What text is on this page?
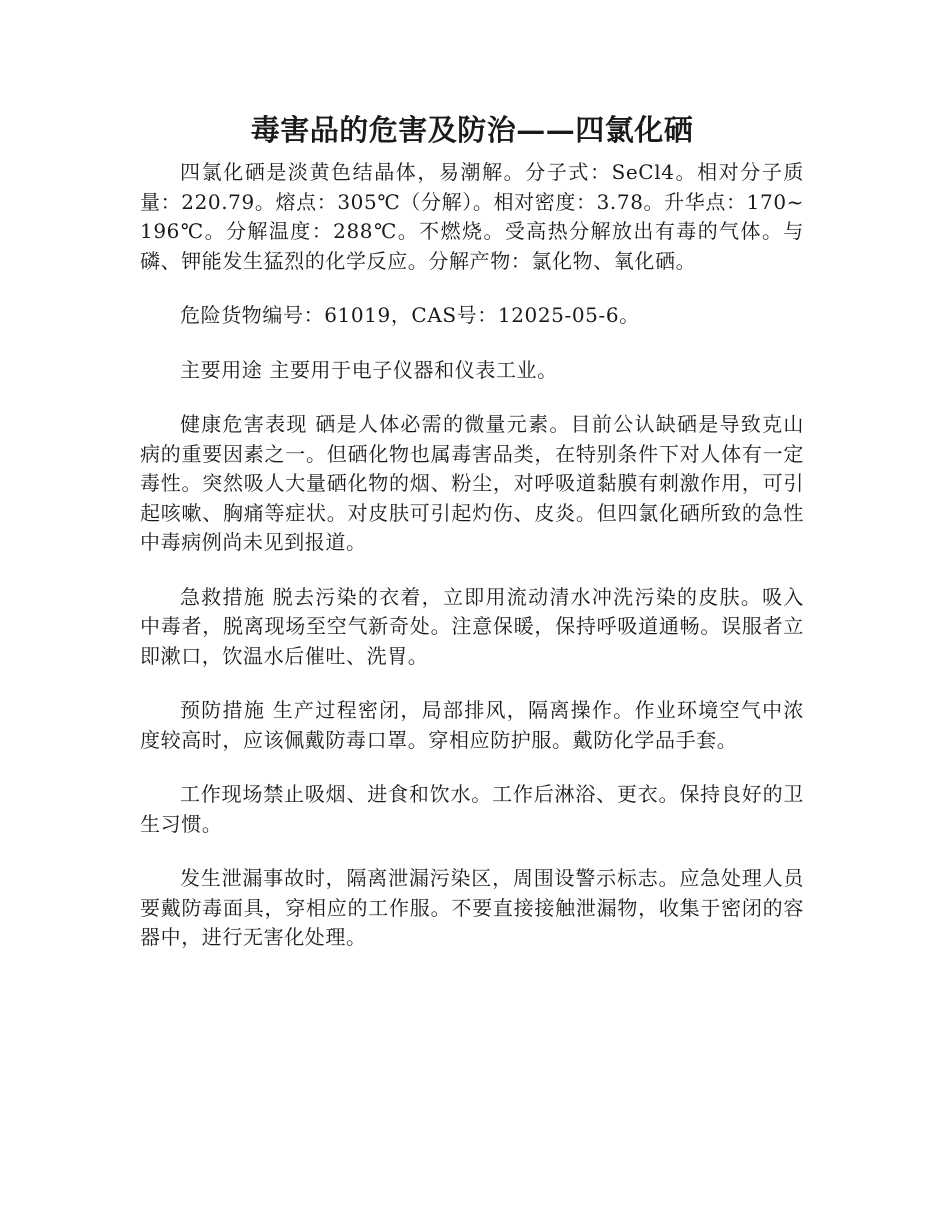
毒害品的危害及防治——四氯化硒

四氯化硒是淡黄色结晶体，易潮解。分子式：SeCl4。相对分子质量：220.79。熔点：305℃（分解）。相对密度：3.78。升华点：170~196℃。分解温度：288℃。不燃烧。受高热分解放出有毒的气体。与磷、钾能发生猛烈的化学反应。分解产物：氯化物、氧化硒。

危险货物编号：61019，CAS号：12025-05-6。

主要用途 主要用于电子仪器和仪表工业。

健康危害表现 硒是人体必需的微量元素。目前公认缺硒是导致克山病的重要因素之一。但硒化物也属毒害品类，在特别条件下对人体有一定毒性。突然吸人大量硒化物的烟、粉尘，对呼吸道黏膜有刺激作用，可引起咳嗽、胸痛等症状。对皮肤可引起灼伤、皮炎。但四氯化硒所致的急性中毒病例尚未见到报道。

急救措施 脱去污染的衣着，立即用流动清水冲洗污染的皮肤。吸入中毒者，脱离现场至空气新奇处。注意保暖，保持呼吸道通畅。误服者立即漱口，饮温水后催吐、洗胃。

预防措施 生产过程密闭，局部排风，隔离操作。作业环境空气中浓度较高时，应该佩戴防毒口罩。穿相应防护服。戴防化学品手套。

工作现场禁止吸烟、进食和饮水。工作后淋浴、更衣。保持良好的卫生习惯。

发生泄漏事故时，隔离泄漏污染区，周围设警示标志。应急处理人员要戴防毒面具，穿相应的工作服。不要直接接触泄漏物，收集于密闭的容器中，进行无害化处理。
